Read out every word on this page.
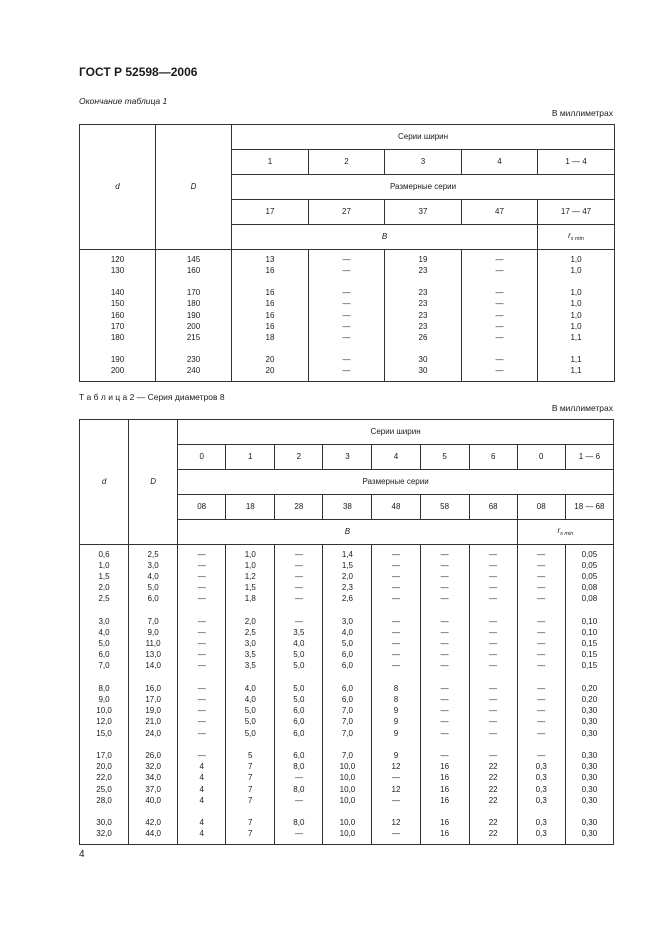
ГОСТ Р 52598—2006
Окончание таблица 1
В миллиметрах
d	D	Серии ширин				
		1	2	3	4	1 — 4
		Размерные серии				
		17	27	37	47	17 — 47
		B				$r_{s min}$

120	145	13	—	19	—	1,0
130	160	16	—	23	—	1,0

140	170	16	—	23	—	1,0
150	180	16	—	23	—	1,0
160	190	16	—	23	—	1,0
170	200	16	—	23	—	1,0
180	215	18	—	26	—	1,1

190	230	20	—	30	—	1,1
200	240	20	—	30	—	1,1

Т а б л и ц а 2 — Серия диаметров 8
В миллиметрах
d	D	Серии ширин								
		0	1	2	3	4	5	6	0	1 — 6
		Размерные серии								
		08	18	28	38	48	58	68	08	18 — 68
		B							$r_{s min}$

0,6	2,5	—	1,0	—	1,4	—	—	—	—	0,05
1,0	3,0	—	1,0	—	1,5	—	—	—	—	0,05
1,5	4,0	—	1,2	—	2,0	—	—	—	—	0,05
2,0	5,0	—	1,5	—	2,3	—	—	—	—	0,08
2,5	6,0	—	1,8	—	2,6	—	—	—	—	0,08

3,0	7,0	—	2,0	—	3,0	—	—	—	—	0,10
4,0	9,0	—	2,5	3,5	4,0	—	—	—	—	0,10
5,0	11,0	—	3,0	4,0	5,0	—	—	—	—	0,15
6,0	13,0	—	3,5	5,0	6,0	—	—	—	—	0,15
7,0	14,0	—	3,5	5,0	6,0	—	—	—	—	0,15

8,0	16,0	—	4,0	5,0	6,0	8	—	—	—	0,20
9,0	17,0	—	4,0	5,0	6,0	8	—	—	—	0,20
10,0	19,0	—	5,0	6,0	7,0	9	—	—	—	0,30
12,0	21,0	—	5,0	6,0	7,0	9	—	—	—	0,30
15,0	24,0	—	5,0	6,0	7,0	9	—	—	—	0,30

17,0	26,0	—	5	6,0	7,0	9	—	—	—	0,30
20,0	32,0	4	7	8,0	10,0	12	16	22	0,3	0,30
22,0	34,0	4	7	—	10,0	—	16	22	0,3	0,30
25,0	37,0	4	7	8,0	10,0	12	16	22	0,3	0,30
28,0	40,0	4	7	—	10,0	—	16	22	0,3	0,30

30,0	42,0	4	7	8,0	10,0	12	16	22	0,3	0,30
32,0	44,0	4	7	—	10,0	—	16	22	0,3	0,30

4
